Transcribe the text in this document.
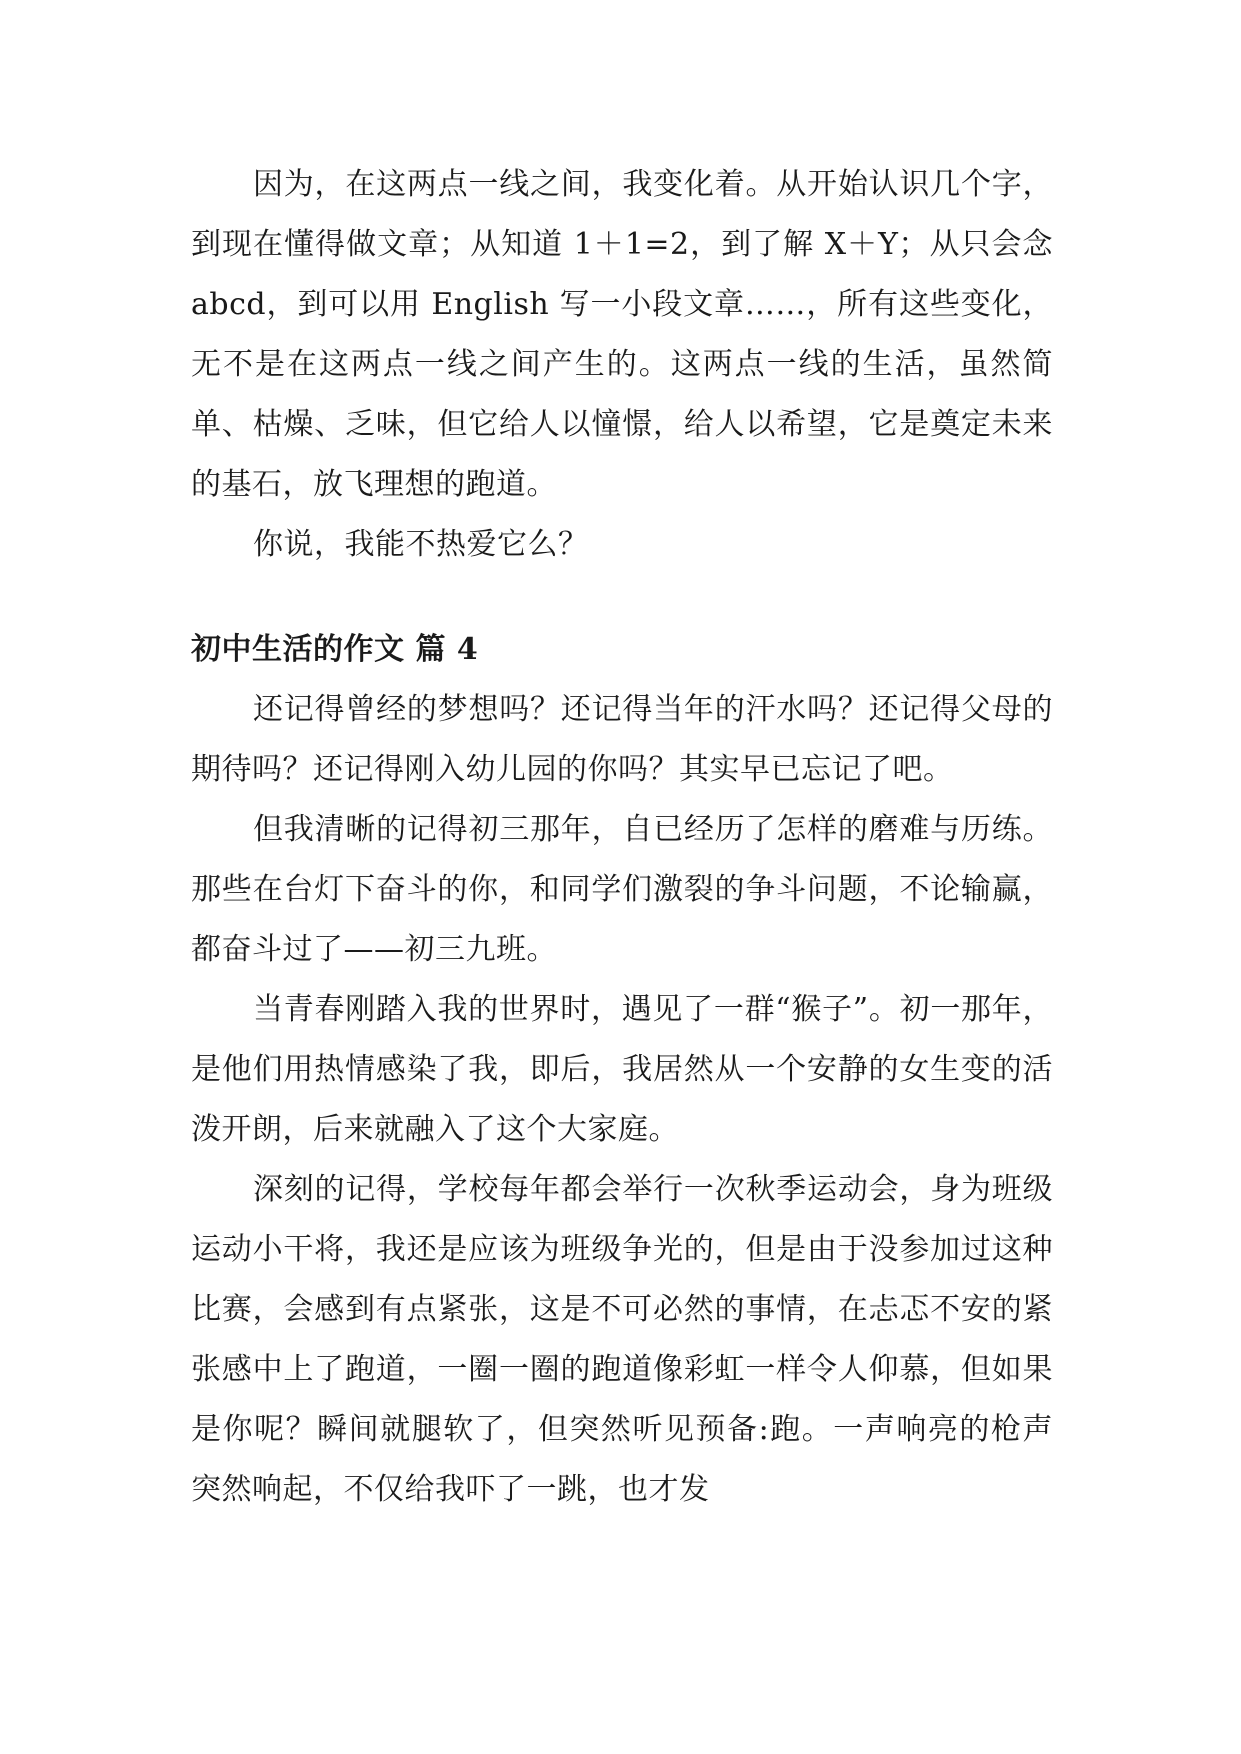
因为，在这两点一线之间，我变化着。从开始认识几个字，到现在懂得做文章；从知道 1＋1=2，到了解 X＋Y；从只会念 abcd，到可以用 English 写一小段文章……，所有这些变化，无不是在这两点一线之间产生的。这两点一线的生活，虽然简单、枯燥、乏味，但它给人以憧憬，给人以希望，它是奠定未来的基石，放飞理想的跑道。

你说，我能不热爱它么？

初中生活的作文 篇 4

还记得曾经的梦想吗？还记得当年的汗水吗？还记得父母的期待吗？还记得刚入幼儿园的你吗？其实早已忘记了吧。

但我清晰的记得初三那年，自已经历了怎样的磨难与历练。那些在台灯下奋斗的你，和同学们激裂的争斗问题，不论输赢，都奋斗过了——初三九班。

当青春刚踏入我的世界时，遇见了一群“猴子”。初一那年，是他们用热情感染了我，即后，我居然从一个安静的女生变的活泼开朗，后来就融入了这个大家庭。

深刻的记得，学校每年都会举行一次秋季运动会，身为班级运动小干将，我还是应该为班级争光的，但是由于没参加过这种比赛，会感到有点紧张，这是不可必然的事情，在忐忑不安的紧张感中上了跑道，一圈一圈的跑道像彩虹一样令人仰慕，但如果是你呢？瞬间就腿软了，但突然听见预备:跑。一声响亮的枪声突然响起，不仅给我吓了一跳，也才发
